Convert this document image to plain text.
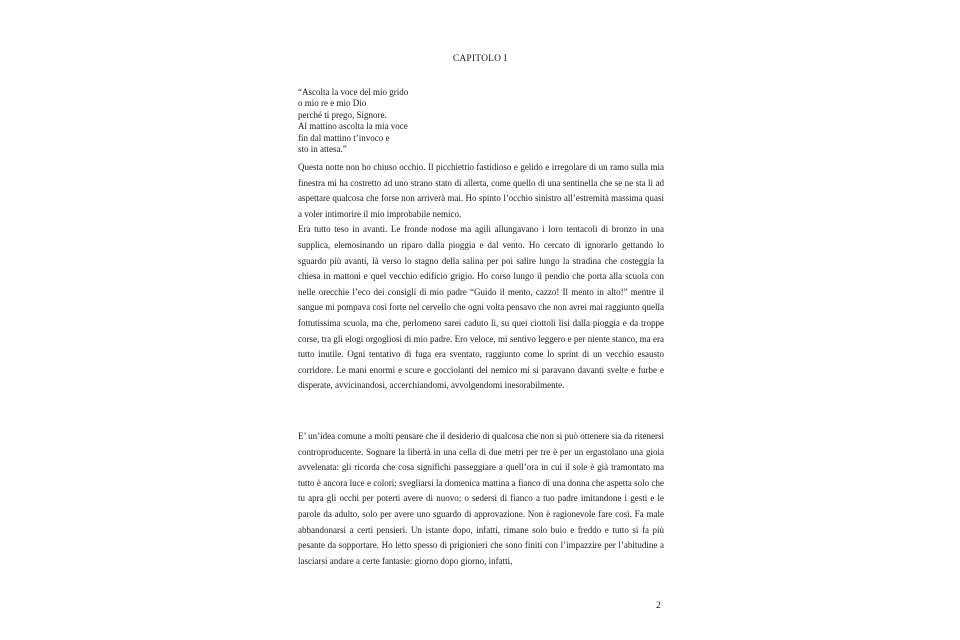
CAPITOLO I
“Ascolta la voce del mio grido
o mio re e mio Dio
perché ti prego, Signore.
Al mattino ascolta la mia voce
fin dal mattino t’invoco e
sto in attesa.”

Questa notte non ho chiuso occhio. Il picchiettio fastidioso e gelido e irregolare di un ramo sulla mia finestra mi ha costretto ad uno strano stato di allerta, come quello di una sentinella che se ne sta lì ad aspettare qualcosa che forse non arriverà mai. Ho spinto l’occhio sinistro all’estremità massima quasi a voler intimorire il mio improbabile nemico.

Era tutto teso in avanti. Le fronde nodose ma agili allungavano i loro tentacoli di bronzo in una supplica, elemosinando un riparo dalla pioggia e dal vento. Ho cercato di ignorarlo gettando lo sguardo più avanti, là verso lo stagno della salina per poi salire lungo la stradina che costeggia la chiesa in mattoni e quel vecchio edificio grigio. Ho corso lungo il pendio che porta alla scuola con nelle orecchie l’eco dei consigli di mio padre “Guido il mento, cazzo! Il mento in alto!” mentre il sangue mi pompava così forte nel cervello che ogni volta pensavo che non avrei mai raggiunto quella fottutissima scuola, ma che, perlomeno sarei caduto lì, su quei ciottoli lisi dalla pioggia e da troppe corse, tra gli elogi orgogliosi di mio padre. Ero veloce, mi sentivo leggero e per niente stanco, ma era tutto inutile. Ogni tentativo di fuga era sventato, raggiunto come lo sprint di un vecchio esausto corridore. Le mani enormi e scure e gocciolanti del nemico mi si paravano davanti svelte e furbe e disperate, avvicinandosi, accerchiandomi, avvolgendomi inesorabilmente.

E’ un’idea comune a molti pensare che il desiderio di qualcosa che non si può ottenere sia da ritenersi controproducente. Sognare la libertà in una cella di due metri per tre è per un ergastolano una gioia avvelenata: gli ricorda che cosa significhi passeggiare a quell’ora in cui il sole è già tramontato ma tutto è ancora luce e colori; svegliarsi la domenica mattina a fianco di una donna che aspetta solo che tu apra gli occhi per poterti avere di nuovo; o sedersi di fianco a tuo padre imitandone i gesti e le parole da adulto, solo per avere uno sguardo di approvazione. Non è ragionevole fare così. Fa male abbandonarsi a certi pensieri. Un istante dopo, infatti, rimane solo buio e freddo e tutto si fa più pesante da sopportare. Ho letto spesso di prigionieri che sono finiti con l’impazzire per l’abitudine a lasciarsi andare a certe fantasie: giorno dopo giorno, infatti,

2
